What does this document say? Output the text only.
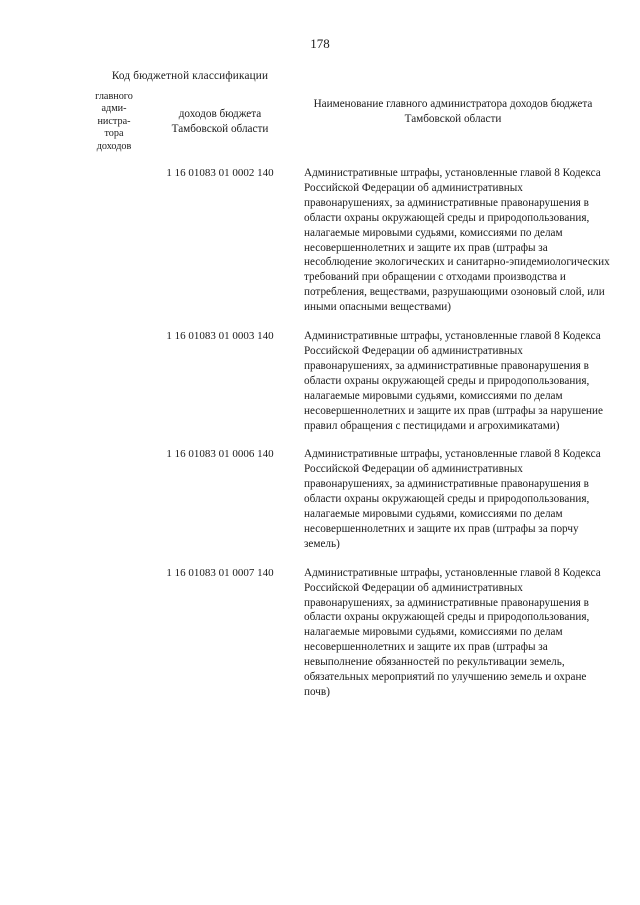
178
Код бюджетной классификации		Наименование главного администратора доходов бюджета Тамбовской области
главного
адми-
нистра-
тора
доходов	доходов бюджета Тамбовской области	
	1 16 01083 01 0002 140	Административные штрафы, установленные главой 8 Кодекса Российской Федерации об административных правонарушениях, за административные правонарушения в области охраны окружающей среды и природопользования, налагаемые мировыми судьями, комиссиями по делам несовершеннолетних и защите их прав (штрафы за несоблюдение экологических и санитарно-эпидемиологических требований при обращении с отходами производства и потребления, веществами, разрушающими озоновый слой, или иными опасными веществами)
	1 16 01083 01 0003 140	Административные штрафы, установленные главой 8 Кодекса Российской Федерации об административных правонарушениях, за административные правонарушения в области охраны окружающей среды и природопользования, налагаемые мировыми судьями, комиссиями по делам несовершеннолетних и защите их прав (штрафы за нарушение правил обращения с пестицидами и агрохимикатами)
	1 16 01083 01 0006 140	Административные штрафы, установленные главой 8 Кодекса Российской Федерации об административных правонарушениях, за административные правонарушения в области охраны окружающей среды и природопользования, налагаемые мировыми судьями, комиссиями по делам несовершеннолетних и защите их прав (штрафы за порчу земель)
	1 16 01083 01 0007 140	Административные штрафы, установленные главой 8 Кодекса Российской Федерации об административных правонарушениях, за административные правонарушения в области охраны окружающей среды и природопользования, налагаемые мировыми судьями, комиссиями по делам несовершеннолетних и защите их прав (штрафы за невыполнение обязанностей по рекультивации земель, обязательных мероприятий по улучшению земель и охране почв)
